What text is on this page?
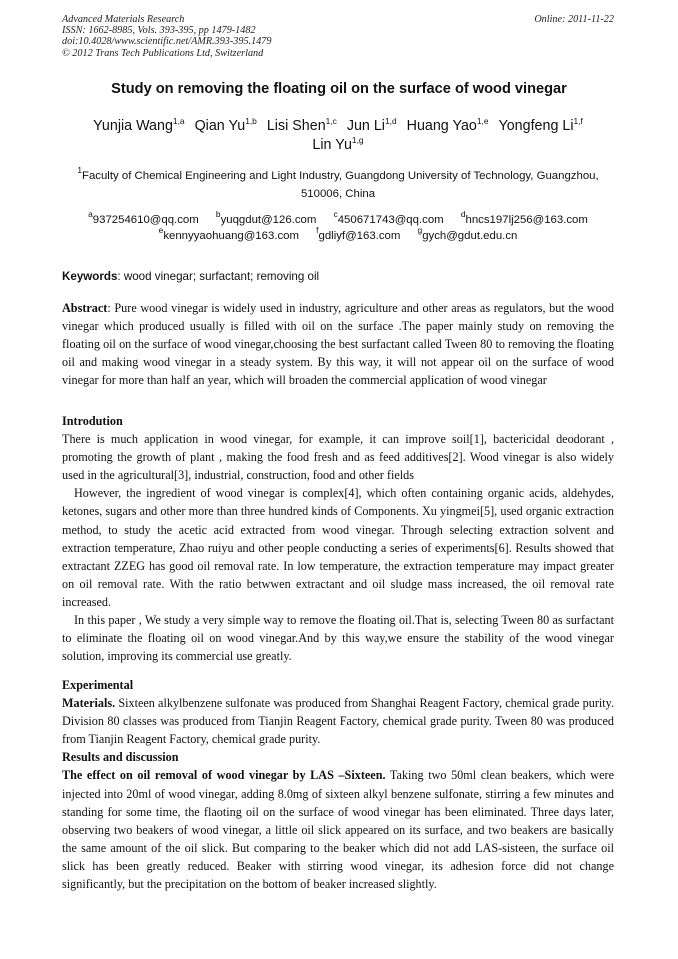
Advanced Materials Research
ISSN: 1662-8985, Vols. 393-395, pp 1479-1482
doi:10.4028/www.scientific.net/AMR.393-395.1479
© 2012 Trans Tech Publications Ltd, Switzerland
Online: 2011-11-22
Study on removing the floating oil on the surface of wood vinegar
Yunjia Wang$^{1,a}$ Qian Yu$^{1,b}$ Lisi Shen$^{1,c}$ Jun Li$^{1,d}$ Huang Yao$^{1,e}$ Yongfeng Li$^{1,f}$
Lin Yu$^{1,g}$
$^1$Faculty of Chemical Engineering and Light Industry, Guangdong University of Technology, Guangzhou, 510006, China
$^a$937254610@qq.com $^b$yuqgdut@126.com $^c$450671743@qq.com $^d$hncs197lj256@163.com
$^e$kennyyaohuang@163.com $^f$gdliyf@163.com $^g$gych@gdut.edu.cn
Keywords: wood vinegar; surfactant; removing oil

Abstract: Pure wood vinegar is widely used in industry, agriculture and other areas as regulators, but the wood vinegar which produced usually is filled with oil on the surface .The paper mainly study on removing the floating oil on the surface of wood vinegar,choosing the best surfactant called Tween 80 to removing the floating oil and making wood vinegar in a steady system. By this way, it will not appear oil on the surface of wood vinegar for more than half an year, which will broaden the commercial application of wood vinegar

Introdution

There is much application in wood vinegar, for example, it can improve soil[1], bactericidal deodorant , promoting the growth of plant , making the food fresh and as feed additives[2]. Wood vinegar is also widely used in the agricultural[3], industrial, construction, food and other fields

However, the ingredient of wood vinegar is complex[4], which often containing organic acids, aldehydes, ketones, sugars and other more than three hundred kinds of Components. Xu yingmei[5], used organic extraction method, to study the acetic acid extracted from wood vinegar. Through selecting extraction solvent and extraction temperature, Zhao ruiyu and other people conducting a series of experiments[6]. Results showed that extractant ZZEG has good oil removal rate. In low temperature, the extraction temperature may impact greater on oil removal rate. With the ratio betwwen extractant and oil sludge mass increased, the oil removal rate increased.

In this paper , We study a very simple way to remove the floating oil.That is, selecting Tween 80 as surfactant to eliminate the floating oil on wood vinegar.And by this way,we ensure the stability of the wood vinegar solution, improving its commercial use greatly.

Experimental

Materials. Sixteen alkylbenzene sulfonate was produced from Shanghai Reagent Factory, chemical grade purity. Division 80 classes was produced from Tianjin Reagent Factory, chemical grade purity. Tween 80 was produced from Tianjin Reagent Factory, chemical grade purity.

Results and discussion

The effect on oil removal of wood vinegar by LAS –Sixteen. Taking two 50ml clean beakers, which were injected into 20ml of wood vinegar, adding 8.0mg of sixteen alkyl benzene sulfonate, stirring a few minutes and standing for some time, the flaoting oil on the surface of wood vinegar has been eliminated. Three days later, observing two beakers of wood vinegar, a little oil slick appeared on its surface, and two beakers are basically the same amount of the oil slick. But comparing to the beaker which did not add LAS-sisteen, the surface oil slick has been greatly reduced. Beaker with stirring wood vinegar, its adhesion force did not change significantly, but the precipitation on the bottom of beaker increased slightly.
